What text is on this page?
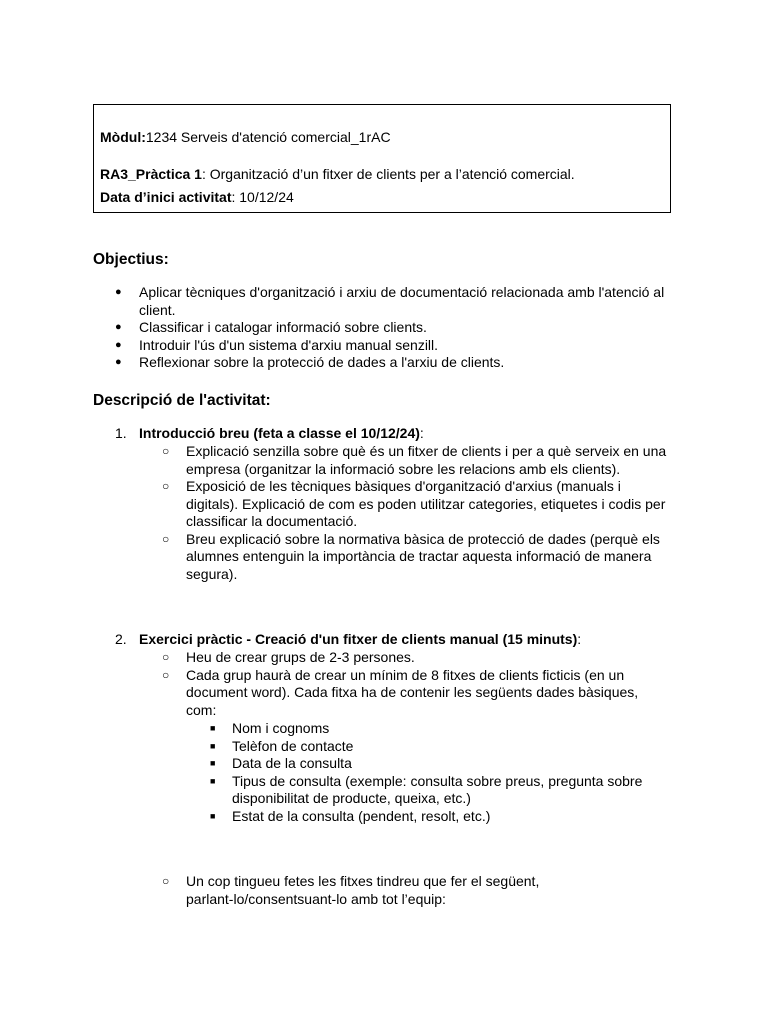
Mòdul:1234 Serveis d'atenció comercial_1rAC
RA3_Pràctica 1: Organització d’un fitxer de clients per a l’atenció comercial.
Data d’inici activitat: 10/12/24
Objectius:
● Aplicar tècniques d'organització i arxiu de documentació relacionada amb l'atenció al client.
● Classificar i catalogar informació sobre clients.
● Introduir l'ús d'un sistema d'arxiu manual senzill.
● Reflexionar sobre la protecció de dades a l'arxiu de clients.
Descripció de l'activitat:
1. Introducció breu (feta a classe el 10/12/24):
○ Explicació senzilla sobre què és un fitxer de clients i per a què serveix en una empresa (organitzar la informació sobre les relacions amb els clients).
○ Exposició de les tècniques bàsiques d'organització d'arxius (manuals i digitals). Explicació de com es poden utilitzar categories, etiquetes i codis per classificar la documentació.
○ Breu explicació sobre la normativa bàsica de protecció de dades (perquè els alumnes entenguin la importància de tractar aquesta informació de manera segura).
2. Exercici pràctic - Creació d'un fitxer de clients manual (15 minuts):
○ Heu de crear grups de 2-3 persones.
○ Cada grup haurà de crear un mínim de 8 fitxes de clients ficticis (en un document word). Cada fitxa ha de contenir les següents dades bàsiques, com:
■ Nom i cognoms
■ Telèfon de contacte
■ Data de la consulta
■ Tipus de consulta (exemple: consulta sobre preus, pregunta sobre disponibilitat de producte, queixa, etc.)
■ Estat de la consulta (pendent, resolt, etc.)
○ Un cop tingueu fetes les fitxes tindreu que fer el següent, parlant-lo/consentsuant-lo amb tot l’equip:
